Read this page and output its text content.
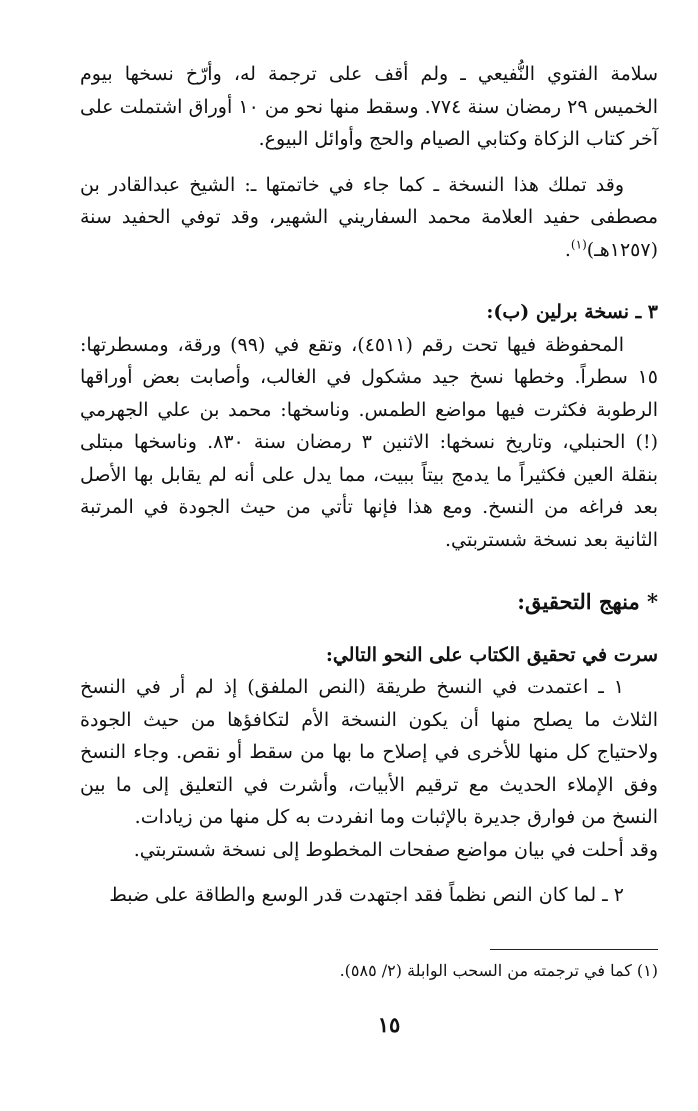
سلامة الفتوي النُّفيعي ـ ولم أقف على ترجمة له، وأرّخ نسخها بيوم الخميس ٢٩ رمضان سنة ٧٧٤. وسقط منها نحو من ١٠ أوراق اشتملت على آخر كتاب الزكاة وكتابي الصيام والحج وأوائل البيوع.

وقد تملك هذا النسخة ـ كما جاء في خاتمتها ـ: الشيخ عبدالقادر بن مصطفى حفيد العلامة محمد السفاريني الشهير، وقد توفي الحفيد سنة (١٢٥٧هـ)$^{(١)}$.

٣ ـ نسخة برلين (ب):

المحفوظة فيها تحت رقم (٤٥١١)، وتقع في (٩٩) ورقة، ومسطرتها: ١٥ سطراً. وخطها نسخ جيد مشكول في الغالب، وأصابت بعض أوراقها الرطوبة فكثرت فيها مواضع الطمس. وناسخها: محمد بن علي الجهرمي (!) الحنبلي، وتاريخ نسخها: الاثنين ٣ رمضان سنة ٨٣٠. وناسخها مبتلى بنقلة العين فكثيراً ما يدمج بيتاً ببيت، مما يدل على أنه لم يقابل بها الأصل بعد فراغه من النسخ. ومع هذا فإنها تأتي من حيث الجودة في المرتبة الثانية بعد نسخة شستربتي.

* منهج التحقيق:

سرت في تحقيق الكتاب على النحو التالي:

١ ـ اعتمدت في النسخ طريقة (النص الملفق) إذ لم أر في النسخ الثلاث ما يصلح منها أن يكون النسخة الأم لتكافؤها من حيث الجودة ولاحتياج كل منها للأخرى في إصلاح ما بها من سقط أو نقص. وجاء النسخ وفق الإملاء الحديث مع ترقيم الأبيات، وأشرت في التعليق إلى ما بين النسخ من فوارق جديرة بالإثبات وما انفردت به كل منها من زيادات.

وقد أحلت في بيان مواضع صفحات المخطوط إلى نسخة شستربتي.

٢ ـ لما كان النص نظماً فقد اجتهدت قدر الوسع والطاقة على ضبط

(١) كما في ترجمته من السحب الوابلة (٢/ ٥٨٥).
١٥
